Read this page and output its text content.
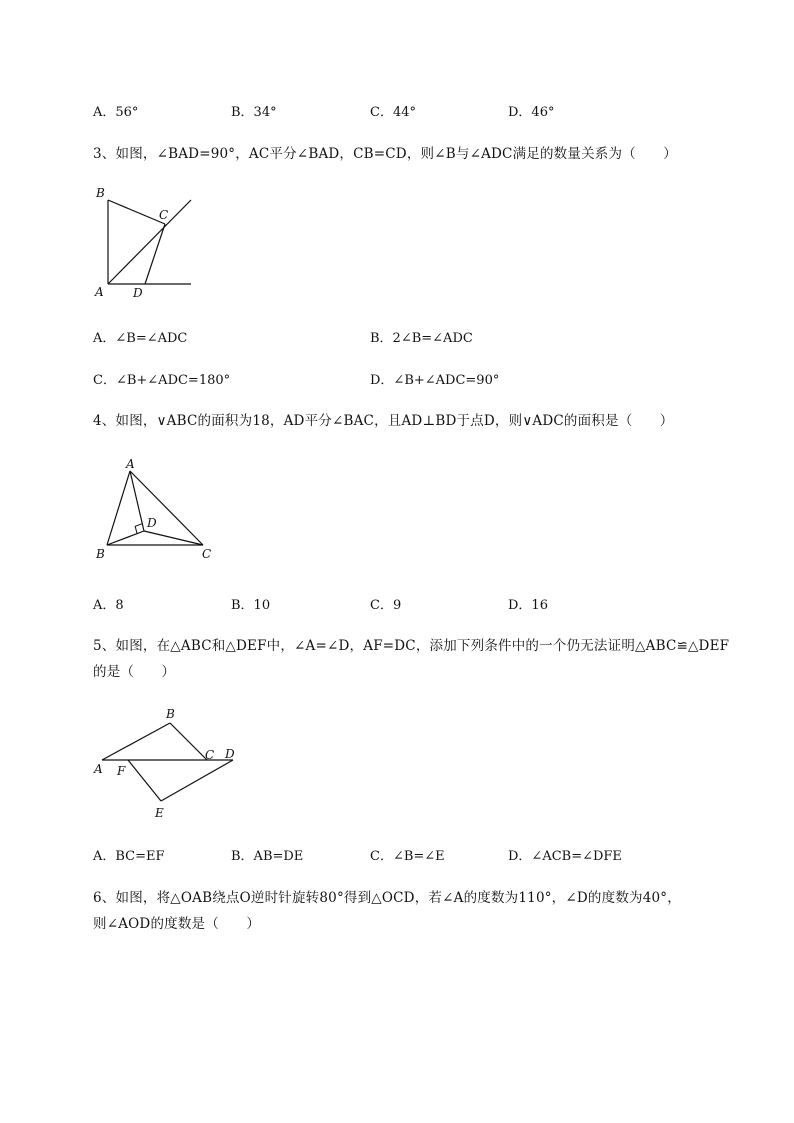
A．56°	B．34°	C．44°	D．46°
3、如图，∠BAD=90°，AC平分∠BAD，CB=CD，则∠B与∠ADC满足的数量关系为（　　）
B
C
A D
A．∠B=∠ADC	B．2∠B=∠ADC
C．∠B+∠ADC=180°	D．∠B+∠ADC=90°
4、如图，∨ABC的面积为18，AD平分∠BAC，且AD⊥BD于点D，则∨ADC的面积是（　　）
A
D
B	C
A．8	B．10	C．9	D．16
5、如图，在△ABC和△DEF中，∠A=∠D，AF=DC，添加下列条件中的一个仍无法证明△ABC≌△DEF
的是（　　）
B
C D
A F
E
A．BC=EF	B．AB=DE	C．∠B=∠E	D．∠ACB=∠DFE
6、如图，将△OAB绕点O逆时针旋转80°得到△OCD，若∠A的度数为110°，∠D的度数为40°，
则∠AOD的度数是（　　）
